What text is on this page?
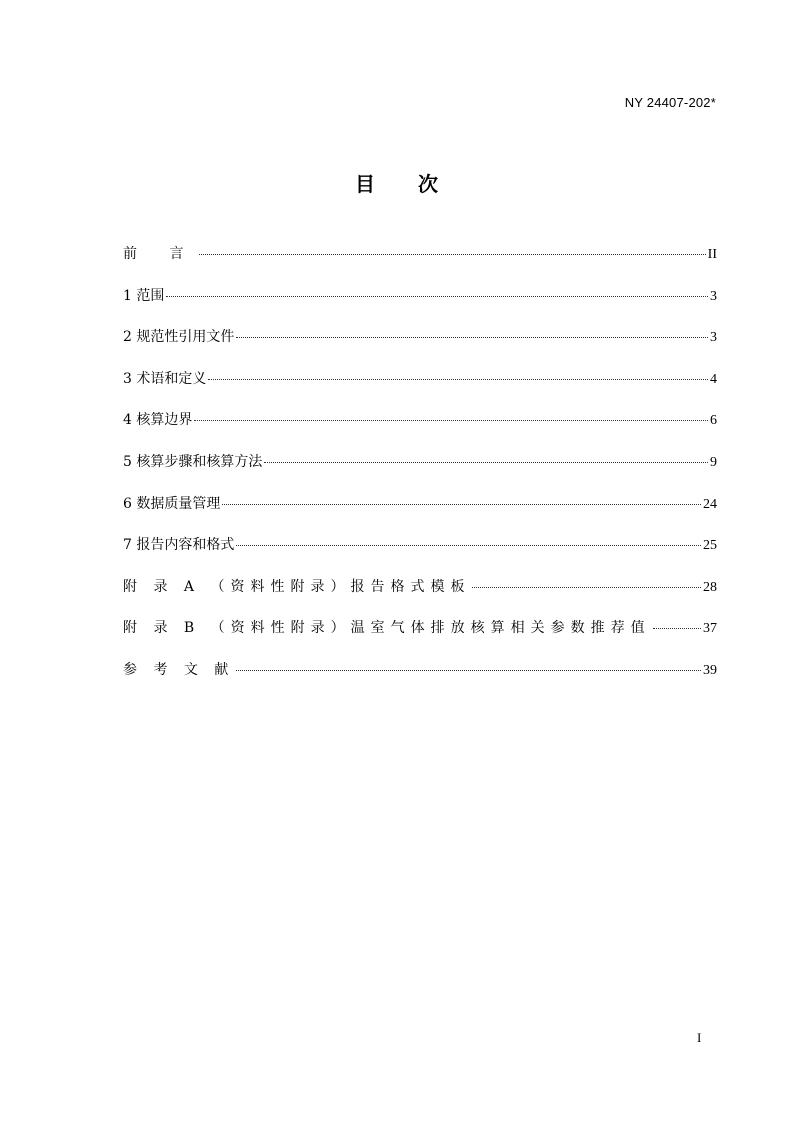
NY 24407-202*
目 次
前 言	II
1 范围	3
2 规范性引用文件	3
3 术语和定义	4
4 核算边界	6
5 核算步骤和核算方法	9
6 数据质量管理	24
7 报告内容和格式	25
附 录 A （资料性附录）报告格式模板	28
附 录 B （资料性附录）温室气体排放核算相关参数推荐值	37
参 考 文 献	39
I
